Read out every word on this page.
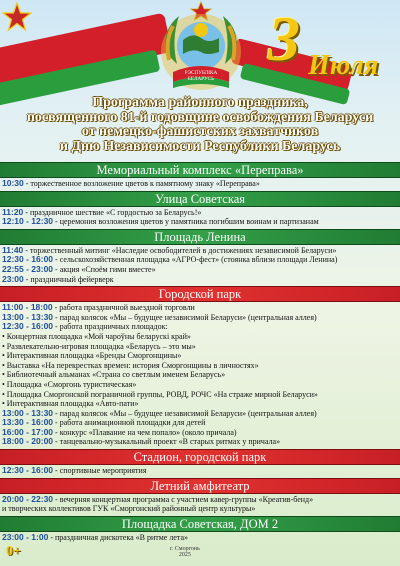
РЭСПУБЛIКА
БЕЛАРУСЬ
3 Июля
Программа районного праздника,
посвященного 81-й годовщине освобождения Беларуси
от немецко-фашистских захватчиков
и Дню Независимости Республики Беларусь
Мемориальный комплекс «Переправа»
10:30 - торжественное возложение цветов к памятному знаку «Переправа»
Улица Советская
11:20 - праздничное шествие «С гордостью за Беларусь!»
12:10 - 12:30 - церемония возложения цветов у памятника погибшим воинам и партизанам
Площадь Ленина
11:40 - торжественный митинг «Наследие освободителей в достижениях независимой Беларуси»
12:30 - 16:00 - сельскохозяйственная площадка «АГРО-фест» (стоянка вблизи площади Ленина)
22:55 - 23:00 - акция «Споём гимн вместе»
23:00 - праздничный фейерверк
Городской парк
11:00 - 18:00 - работа праздничной выездной торговли
13:00 - 13:30 - парад колясок «Мы – будущее независимой Беларуси» (центральная аллея)
12:30 - 16:00 - работа праздничных площадок:
• Концертная площадка «Мой чароўны беларускі край»
• Развлекательно-игровая площадка «Беларусь – это мы»
• Интерактивная площадка «Бренды Сморгонщины»
• Выставка «На перекрестках времен: история Сморгонщины в личностях»
• Библиотечный альманах «Страна со светлым именем Беларусь»
• Площадка «Сморгонь туристическая»
• Площадка Сморгонской пограничной группы, РОВД, РОЧС «На страже мирной Беларуси»
• Интерактивная площадка «Авто-пати»
13:00 - 13:30 - парад колясок «Мы – будущее независимой Беларуси» (центральная аллея)
13:30 - 16:00 - работа анимационной площадки для детей
16:00 - 17:00 - конкурс «Плавание на чем попало» (около причала)
18:00 - 20:00 - танцевально-музыкальный проект «В старых ритмах у причала»
Стадион, городской парк
12:30 - 16:00 - спортивные мероприятия
Летний амфитеатр
20:00 - 22:30 - вечерняя концертная программа с участием кавер-группы «Креатив-бенд»
и творческих коллективов ГУК «Сморгонский районный центр культуры»
Площадка Советская, ДОМ 2
23:00 - 1:00 - праздничная дискотека «В ритме лета»
0+	г. Сморгонь
2025
